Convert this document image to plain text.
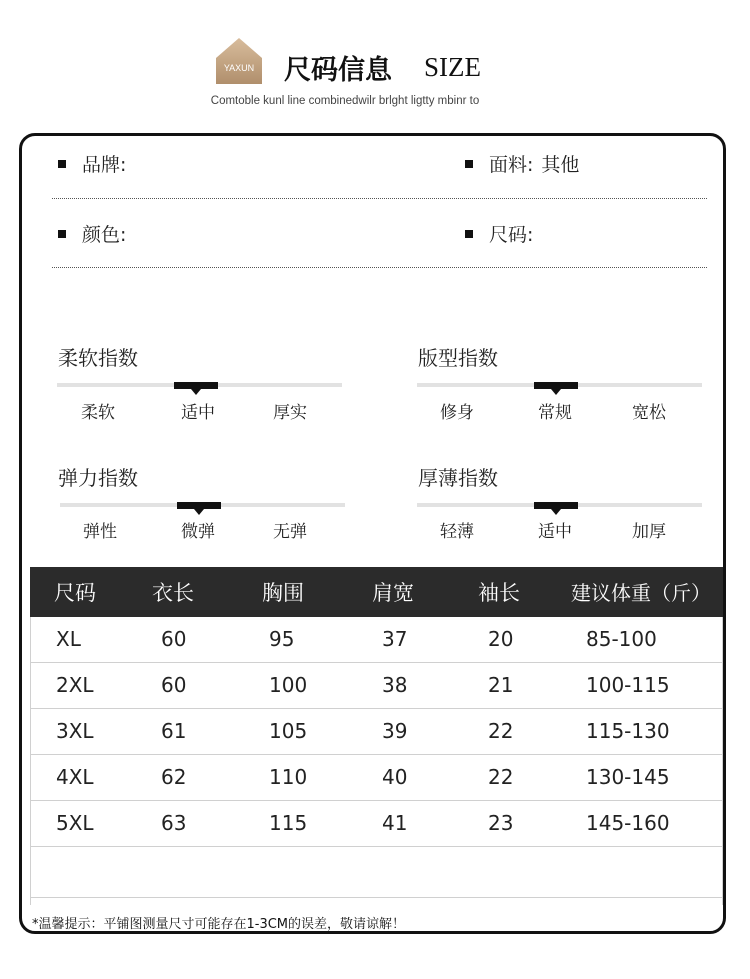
YAXUN 尺码信息 SIZE
Comtoble kunl line combinedwilr brlght ligtty mbinr to
品牌:	面料: 其他
颜色:	尺码:
柔软指数
柔软	适中	厚实
版型指数
修身	常规	宽松
弹力指数
弹性	微弹	无弹
厚薄指数
轻薄	适中	加厚
尺码	衣长	胸围	肩宽	袖长	建议体重（斤）
XL	60	95	37	20	85-100
2XL	60	100	38	21	100-115
3XL	61	105	39	22	115-130
4XL	62	110	40	22	130-145
5XL	63	115	41	23	145-160
*温馨提示：平铺图测量尺寸可能存在1-3CM的误差，敬请谅解！
